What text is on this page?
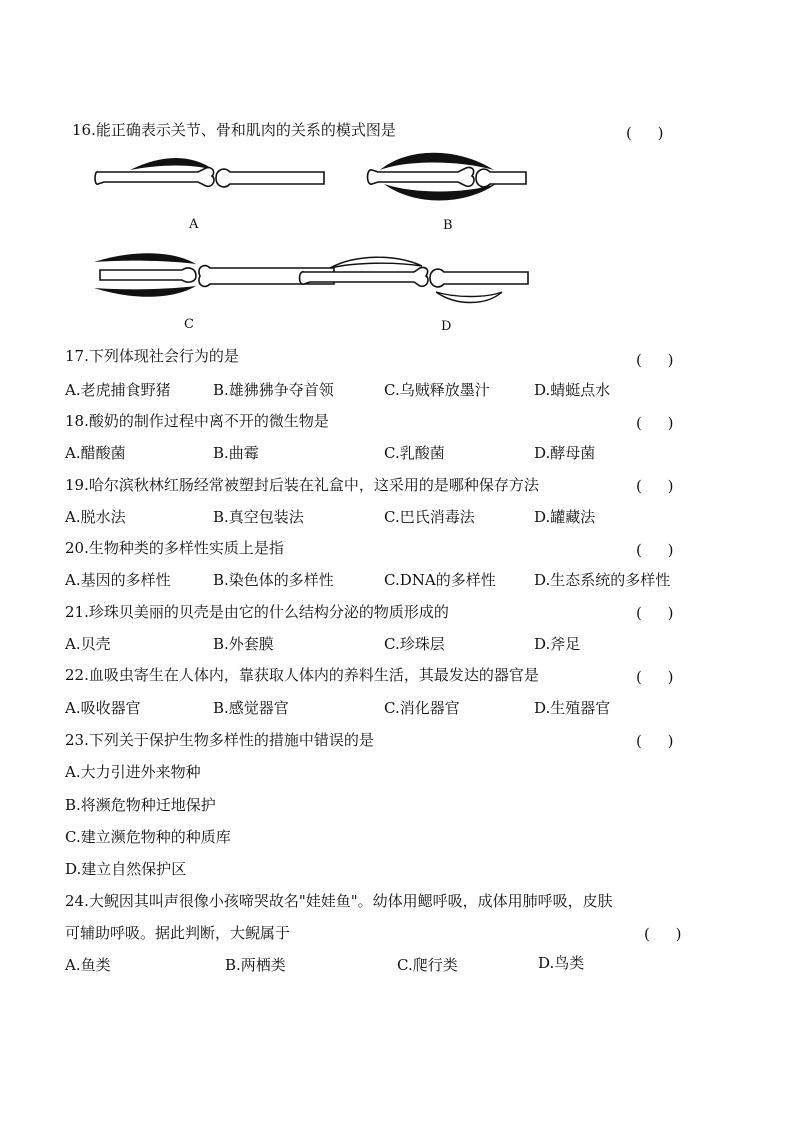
16.能正确表示关节、骨和肌肉的关系的模式图是	(　 )
A	B
C	D
17.下列体现社会行为的是	(　 )
A.老虎捕食野猪	B.雄狒狒争夺首领	C.乌贼释放墨汁	D.蜻蜓点水
18.酸奶的制作过程中离不开的微生物是	(　 )
A.醋酸菌	B.曲霉	C.乳酸菌	D.酵母菌
19.哈尔滨秋林红肠经常被塑封后装在礼盒中，这采用的是哪种保存方法	(　 )
A.脱水法	B.真空包装法	C.巴氏消毒法	D.罐藏法
20.生物种类的多样性实质上是指	(　 )
A.基因的多样性	B.染色体的多样性	C.DNA的多样性	D.生态系统的多样性
21.珍珠贝美丽的贝壳是由它的什么结构分泌的物质形成的	(　 )
A.贝壳	B.外套膜	C.珍珠层	D.斧足
22.血吸虫寄生在人体内，靠获取人体内的养料生活，其最发达的器官是	(　 )
A.吸收器官	B.感觉器官	C.消化器官	D.生殖器官
23.下列关于保护生物多样性的措施中错误的是	(　 )
A.大力引进外来物种
B.将濒危物种迁地保护
C.建立濒危物种的种质库
D.建立自然保护区
24.大鲵因其叫声很像小孩啼哭故名"娃娃鱼"。幼体用鳃呼吸，成体用肺呼吸，皮肤
可辅助呼吸。据此判断，大鲵属于	(　 )
A.鱼类	B.两栖类	C.爬行类	D.鸟类
